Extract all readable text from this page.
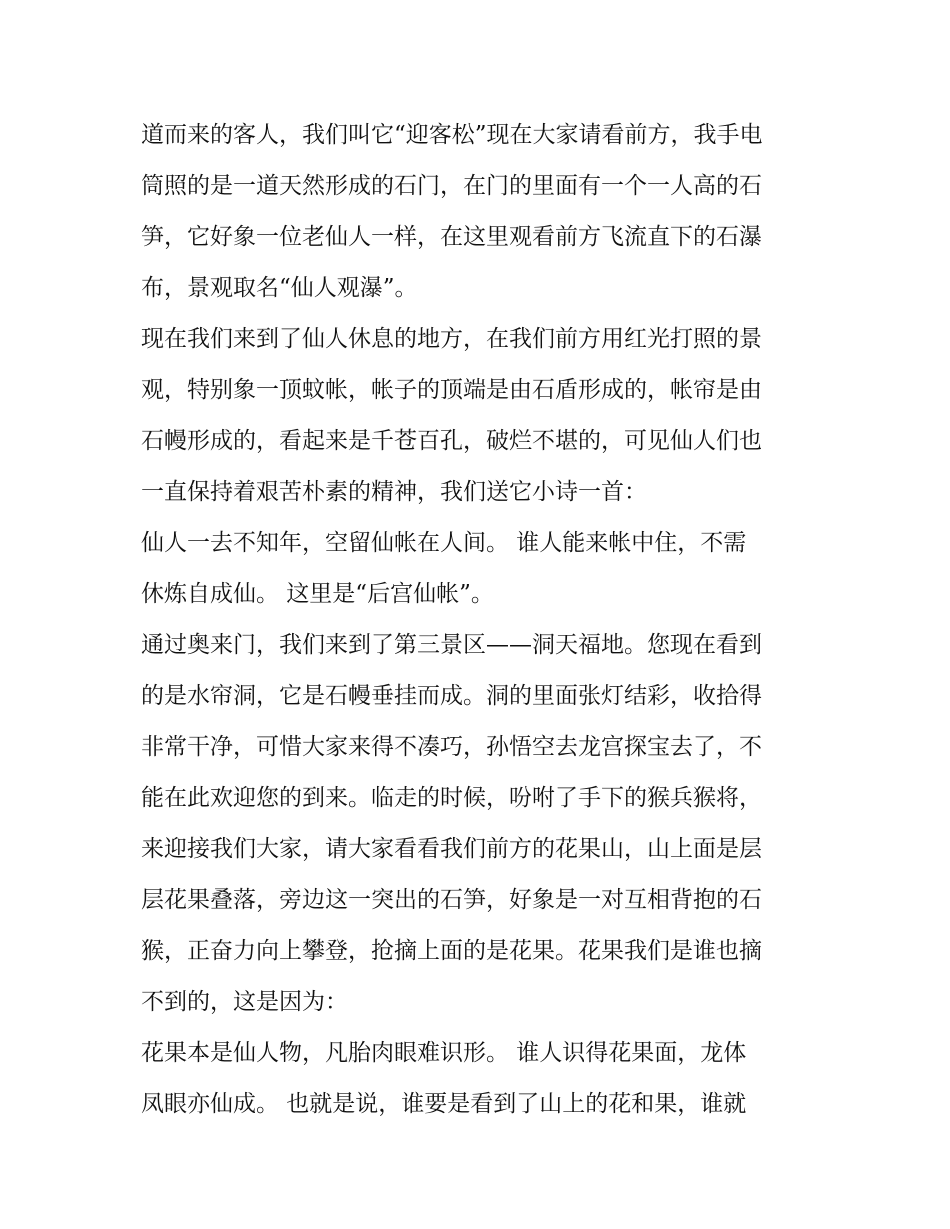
道而来的客人，我们叫它“迎客松”现在大家请看前方，我手电
筒照的是一道天然形成的石门，在门的里面有一个一人高的石
笋，它好象一位老仙人一样，在这里观看前方飞流直下的石瀑
布，景观取名“仙人观瀑”。
现在我们来到了仙人休息的地方，在我们前方用红光打照的景
观，特别象一顶蚊帐，帐子的顶端是由石盾形成的，帐帘是由
石幔形成的，看起来是千苍百孔，破烂不堪的，可见仙人们也
一直保持着艰苦朴素的精神，我们送它小诗一首：
仙人一去不知年，空留仙帐在人间。 谁人能来帐中住，不需
休炼自成仙。 这里是“后宫仙帐”。
通过奥来门，我们来到了第三景区——洞天福地。您现在看到
的是水帘洞，它是石幔垂挂而成。洞的里面张灯结彩，收拾得
非常干净，可惜大家来得不凑巧，孙悟空去龙宫探宝去了，不
能在此欢迎您的到来。临走的时候，吩咐了手下的猴兵猴将，
来迎接我们大家，请大家看看我们前方的花果山，山上面是层
层花果叠落，旁边这一突出的石笋，好象是一对互相背抱的石
猴，正奋力向上攀登，抢摘上面的是花果。花果我们是谁也摘
不到的，这是因为：
花果本是仙人物，凡胎肉眼难识形。 谁人识得花果面，龙体
凤眼亦仙成。 也就是说，谁要是看到了山上的花和果，谁就
